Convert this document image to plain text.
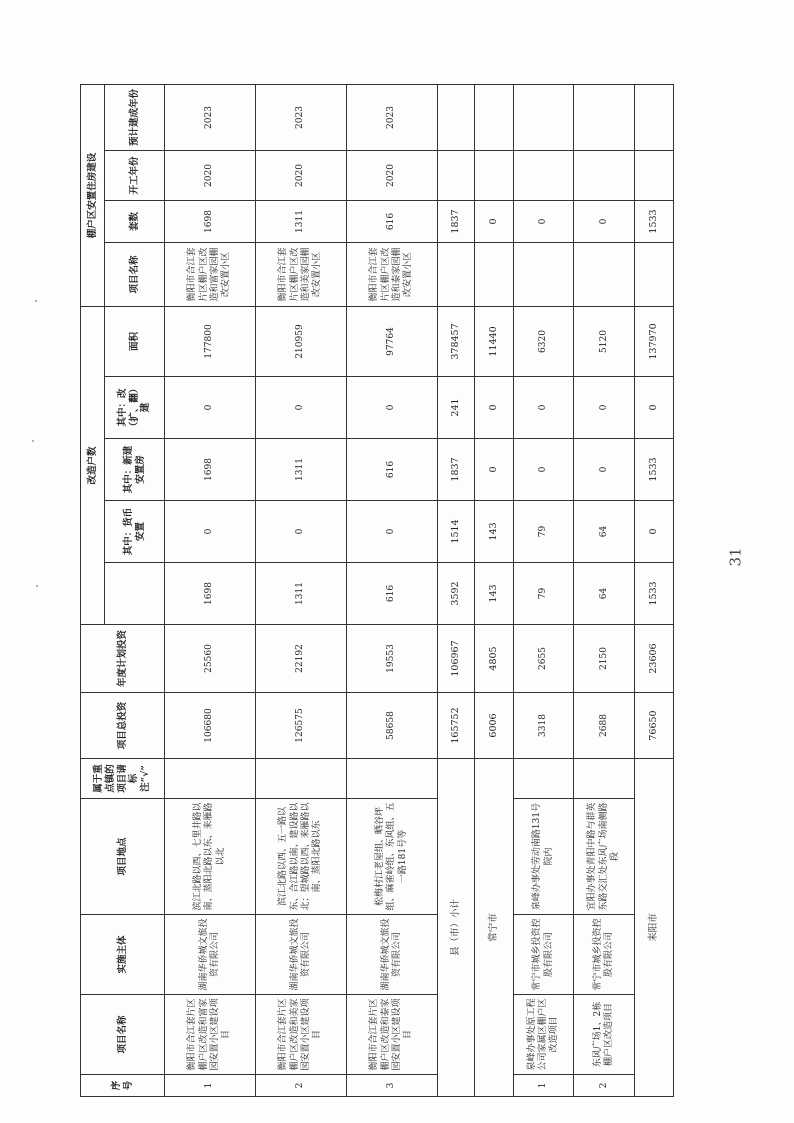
序号	项目名称	实施主体	项目地点	属于重点镇的项目请标注“√”	项目总投资	年度计划投资	改造户数					棚户区安置住房建设			
								其中：货币安置	其中：新建安置房	其中：改（扩、翻）建	面积	项目名称	套数	开工年份	预计建成年份
1	衡阳市合江套片区棚户区改造和富家园安置小区建设项目	湖南华侨城文旅投资有限公司	滨江北路以西、七里井路以南、蒸阳北路以东、来雁路以北		106680	25560	1698	0	1698	0	177800	衡阳市合江套片区棚户区改造和富家园棚改安置小区	1698	2020	2023
2	衡阳市合江套片区棚户区改造和美家园安置小区建设项目	湖南华侨城文旅投资有限公司	滨江北路以西、五一路以东、合江路以南、建设路以北；望城路以西、来雁路以南、蒸阳北路以东		126575	22192	1311	0	1311	0	210959	衡阳市合江套片区棚户区改造和美家园棚改安置小区	1311	2020	2023
3	衡阳市合江套片区棚户区改造和泰家园安置小区建设项目	湖南华侨城文旅投资有限公司	松梅村江老屋组、晒谷坪组、麻雀岭组、东风组、五一路181号等		58658	19553	616	0	616	0	97764	衡阳市合江套片区棚户区改造和泰家园棚改安置小区	616	2020	2023
县（市）小计					165752	106967	3592	1514	1837	241	378457		1837		
常宁市					6006	4805	143	143	0	0	11440		0		
1	泉峰办事处原工程公司家属区棚户区改造项目	常宁市城乡投资控股有限公司	泉峰办事处劳动南路131号院内		3318	2655	79	79	0	0	6320		0		
2	东风广场1、2栋棚户区改造项目	常宁市城乡投资控股有限公司	宜阳办事处青阳中路与群英东路交汇处东风广场南侧路段		2688	2150	64	64	0	0	5120		0		
耒阳市					76650	23606	1533	0	1533	0	137970		1533		
31
